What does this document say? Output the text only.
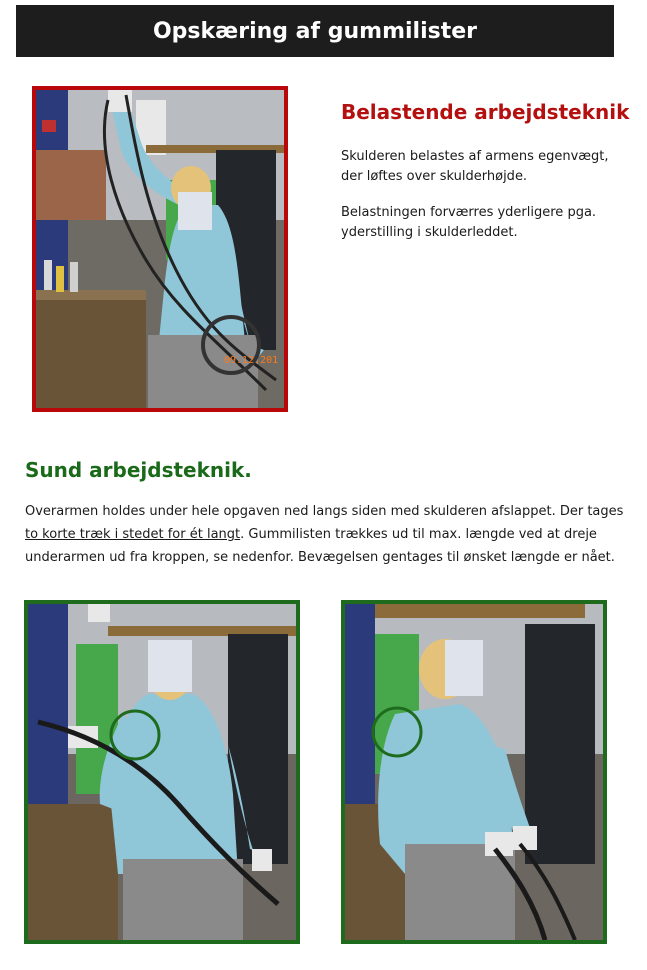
Opskæring af gummilister
09.12.201
Belastende arbejdsteknik

Skulderen belastes af armens egenvægt, der løftes over skulderhøjde.

Belastningen forværres yderligere pga. yderstilling i skulderleddet.

Sund arbejdsteknik.

Overarmen holdes under hele opgaven ned langs siden med skulderen afslappet. Der tages to korte træk i stedet for ét langt. Gummilisten trækkes ud til max. længde ved at dreje underarmen ud fra kroppen, se nedenfor. Bevægelsen gentages til ønsket længde er nået.
